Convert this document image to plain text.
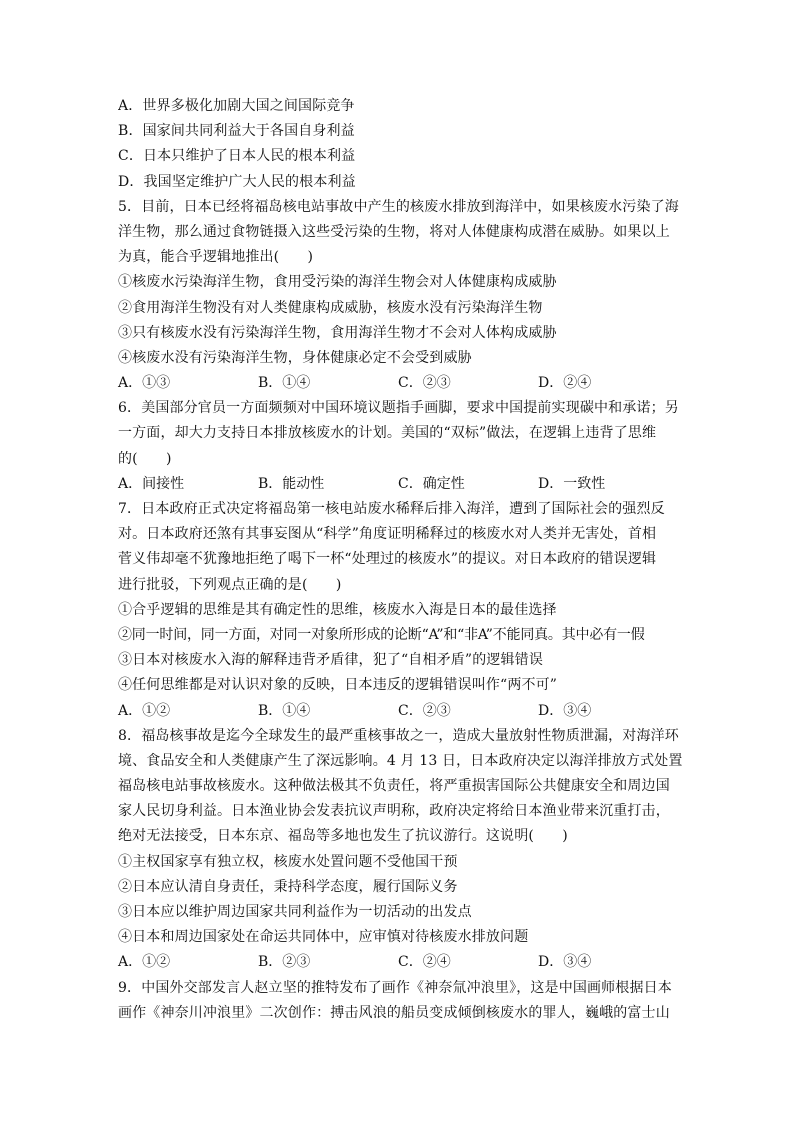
A．世界多极化加剧大国之间国际竞争
B．国家间共同利益大于各国自身利益
C．日本只维护了日本人民的根本利益
D．我国坚定维护广大人民的根本利益
5．目前，日本已经将福岛核电站事故中产生的核废水排放到海洋中，如果核废水污染了海
洋生物，那么通过食物链摄入这些受污染的生物，将对人体健康构成潜在威胁。如果以上
为真，能合乎逻辑地推出(　　)
①核废水污染海洋生物，食用受污染的海洋生物会对人体健康构成威胁
②食用海洋生物没有对人类健康构成威胁，核废水没有污染海洋生物
③只有核废水没有污染海洋生物，食用海洋生物才不会对人体构成威胁
④核废水没有污染海洋生物，身体健康必定不会受到威胁
A．①③	B．①④	C．②③	D．②④
6．美国部分官员一方面频频对中国环境议题指手画脚，要求中国提前实现碳中和承诺；另
一方面，却大力支持日本排放核废水的计划。美国的“双标”做法，在逻辑上违背了思维
的(　　)
A．间接性	B．能动性	C．确定性	D．一致性
7．日本政府正式决定将福岛第一核电站废水稀释后排入海洋，遭到了国际社会的强烈反
对。日本政府还煞有其事妄图从“科学”角度证明稀释过的核废水对人类并无害处，首相
菅义伟却毫不犹豫地拒绝了喝下一杯“处理过的核废水”的提议。对日本政府的错误逻辑
进行批驳，下列观点正确的是(　　)
①合乎逻辑的思维是其有确定性的思维，核废水入海是日本的最佳选择
②同一时间，同一方面，对同一对象所形成的论断“A”和“非A”不能同真。其中必有一假
③日本对核废水入海的解释违背矛盾律，犯了“自相矛盾”的逻辑错误
④任何思维都是对认识对象的反映，日本违反的逻辑错误叫作“两不可”
A．①②	B．①④	C．②③	D．③④
8．福岛核事故是迄今全球发生的最严重核事故之一，造成大量放射性物质泄漏，对海洋环
境、食品安全和人类健康产生了深远影响。4 月 13 日，日本政府决定以海洋排放方式处置
福岛核电站事故核废水。这种做法极其不负责任，将严重损害国际公共健康安全和周边国
家人民切身利益。日本渔业协会发表抗议声明称，政府决定将给日本渔业带来沉重打击，
绝对无法接受，日本东京、福岛等多地也发生了抗议游行。这说明(　　)
①主权国家享有独立权，核废水处置问题不受他国干预
②日本应认清自身责任，秉持科学态度，履行国际义务
③日本应以维护周边国家共同利益作为一切活动的出发点
④日本和周边国家处在命运共同体中，应审慎对待核废水排放问题
A．①②	B．②③	C．②④	D．③④
9．中国外交部发言人赵立坚的推特发布了画作《神奈氚冲浪里》，这是中国画师根据日本
画作《神奈川冲浪里》二次创作：搏击风浪的船员变成倾倒核废水的罪人，巍峨的富士山
